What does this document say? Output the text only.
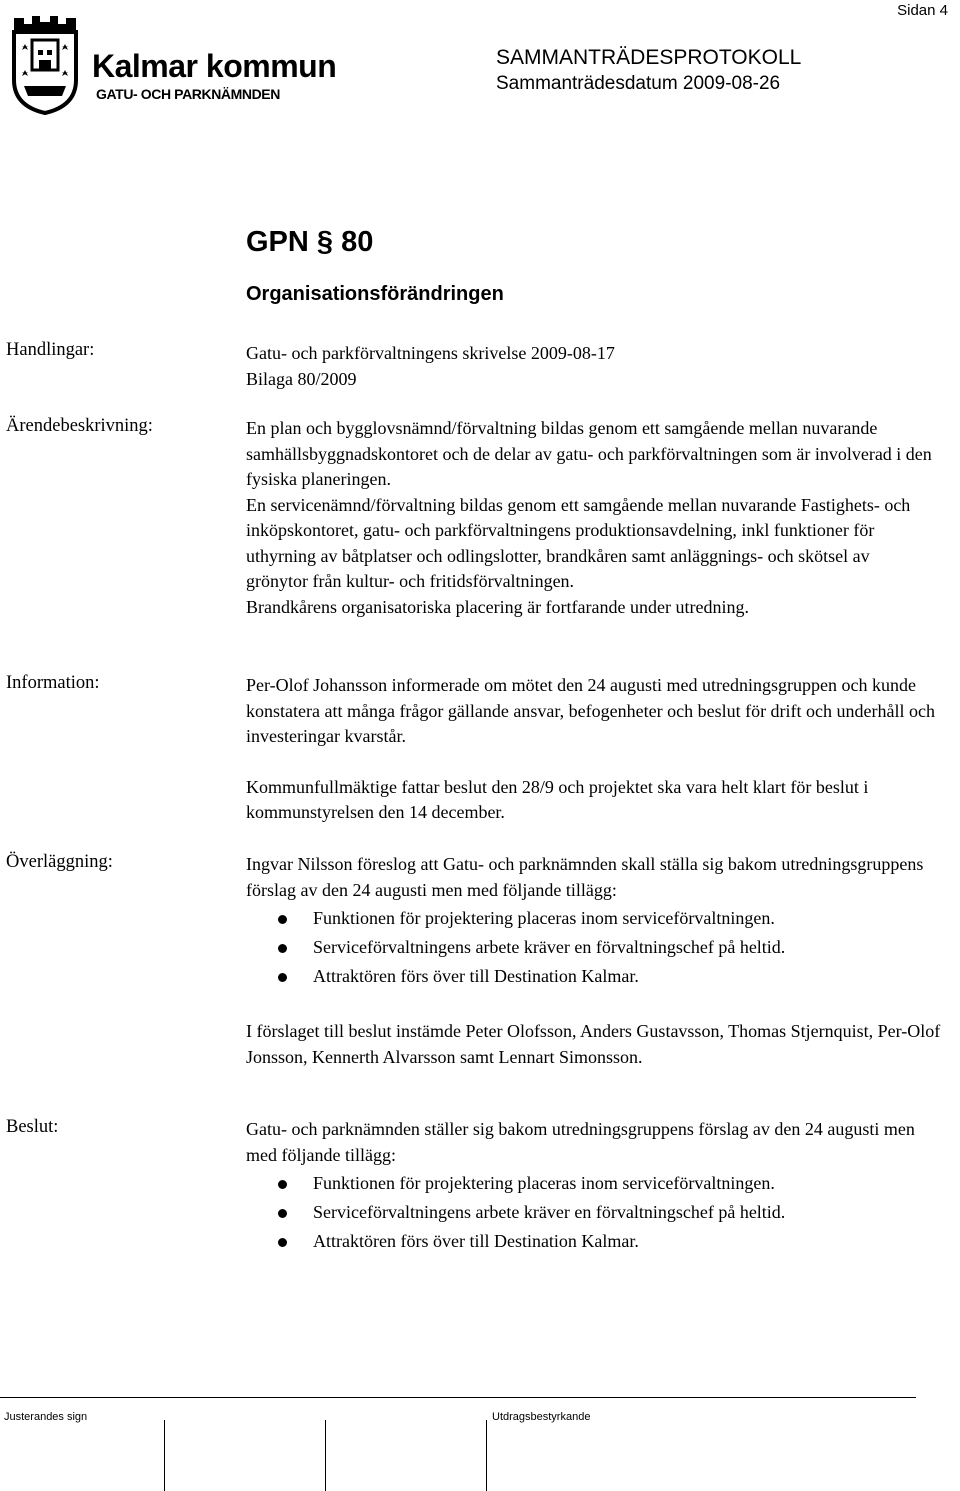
Sidan 4
Kalmar kommun
GATU- OCH PARKNÄMNDEN
SAMMANTRÄDESPROTOKOLL
Sammanträdesdatum 2009-08-26
GPN § 80
Organisationsförändringen
Handlingar:	Gatu- och parkförvaltningens skrivelse 2009-08-17

Bilaga 80/2009

Ärendebeskrivning:	En plan och bygglovsnämnd/förvaltning bildas genom ett samgående mellan nuvarande samhällsbyggnadskontoret och de delar av gatu- och parkförvaltningen som är involverad i den fysiska planeringen.

En servicenämnd/förvaltning bildas genom ett samgående mellan nuvarande Fastighets- och inköpskontoret, gatu- och parkförvaltningens produktionsavdelning, inkl funktioner för uthyrning av båtplatser och odlingslotter, brandkåren samt anläggnings- och skötsel av grönytor från kultur- och fritidsförvaltningen.

Brandkårens organisatoriska placering är fortfarande under utredning.

Information:	Per-Olof Johansson informerade om mötet den 24 augusti med utredningsgruppen och kunde konstatera att många frågor gällande ansvar, befogenheter och beslut för drift och underhåll och investeringar kvarstår.

Kommunfullmäktige fattar beslut den 28/9 och projektet ska vara helt klart för beslut i kommunstyrelsen den 14 december.

Överläggning:	Ingvar Nilsson föreslog att Gatu- och parknämnden skall ställa sig bakom utredningsgruppens förslag av den 24 augusti men med följande tillägg:

Funktionen för projektering placeras inom serviceförvaltningen.
Serviceförvaltningens arbete kräver en förvaltningschef på heltid.
Attraktören förs över till Destination Kalmar.

I förslaget till beslut instämde Peter Olofsson, Anders Gustavsson, Thomas Stjernquist, Per-Olof Jonsson, Kennerth Alvarsson samt Lennart Simonsson.

Beslut:	Gatu- och parknämnden ställer sig bakom utredningsgruppens förslag av den 24 augusti men med följande tillägg:

Funktionen för projektering placeras inom serviceförvaltningen.
Serviceförvaltningens arbete kräver en förvaltningschef på heltid.
Attraktören förs över till Destination Kalmar.
Justerandes sign	Utdragsbestyrkande
